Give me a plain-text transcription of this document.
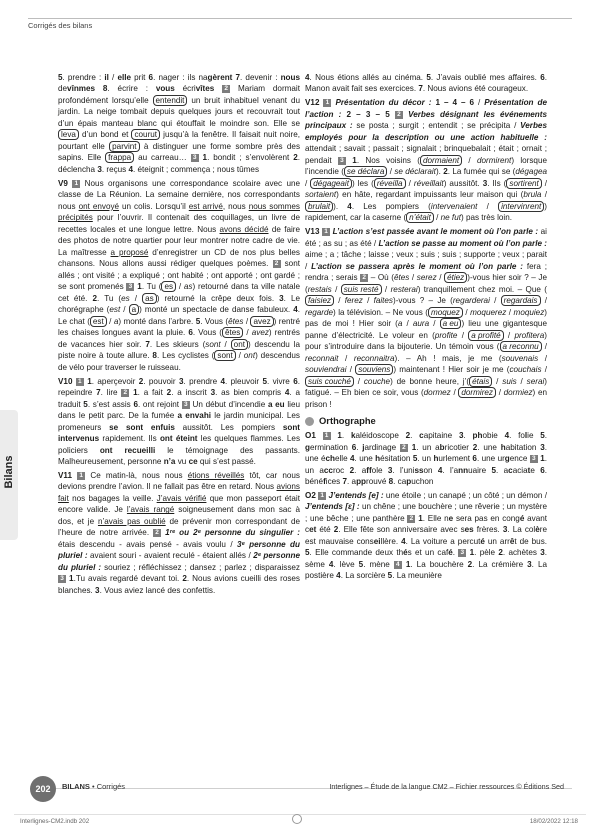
Corrigés des bilans
Bilans

5. prendre : il / elle prit 6. nager : ils nagèrent 7. devenir : nous devînmes 8. écrire : vous écrivîtes 2 Mariam dormait profondément lorsqu’elle entendit un bruit inhabituel venant du jardin. La neige tombait depuis quelques jours et recouvrait tout d’un épais manteau blanc qui étouffait le moindre son. Elle se leva d’un bond et courut jusqu’à la fenêtre. Il faisait nuit noire, pourtant elle parvint à distinguer une forme sombre près des sapins. Elle frappa au carreau… 3 1. bondit ; s’envolèrent 2. déclencha 3. reçus 4. éteignit ; commença ; nous tûmes

V9 1 Nous organisons une correspondance scolaire avec une classe de La Réunion. La semaine dernière, nos correspondants nous ont envoyé un colis. Lorsqu’il est arrivé, nous nous sommes précipités pour l’ouvrir. Il contenait des coquillages, un livre de recettes locales et une longue lettre. Nous avons décidé de faire des photos de notre quartier pour leur montrer notre cadre de vie. La maîtresse a proposé d’enregistrer un CD de nos plus belles chansons. Nous allons aussi rédiger quelques poèmes. 2 sont allés ; ont visité ; a expliqué ; ont habité ; ont apporté ; ont gardé ; se sont promenés 3 1. Tu ( es / as) retourné dans ta ville natale cet été. 2. Tu (es / as ) retourné la crêpe deux fois. 3. Le chorégraphe (est / a ) monté un spectacle de danse fabuleux. 4. Le chat ( est / a) monté dans l’arbre. 5. Vous (êtes / avez ) rentré les chaises longues avant la pluie. 6. Vous ( êtes / avez) rentrés de vacances hier soir. 7. Les skieurs (sont / ont ) descendu la piste noire à toute allure. 8. Les cyclistes ( sont / ont) descendus de vélo pour traverser le ruisseau.

V10 1 1. aperçevoir 2. pouvoir 3. prendre 4. pleuvoir 5. vivre 6. repeindre 7. lire 2 1. a fait 2. a inscrit 3. as bien compris 4. a traduit 5. s’est assis 6. ont rejoint 3 Un début d’incendie a eu lieu dans le petit parc. De la fumée a envahi le jardin municipal. Les promeneurs se sont enfuis aussitôt. Les pompiers sont intervenus rapidement. Ils ont éteint les quelques flammes. Les policiers ont recueilli le témoignage des passants. Malheureusement, personne n’a vu ce qui s’est passé.

V11 1 Ce matin-là, nous nous étions réveillés tôt, car nous devions prendre l’avion. Il ne fallait pas être en retard. Nous avions fait nos bagages la veille. J’avais vérifié que mon passeport était encore valide. Je l’avais rangé soigneusement dans mon sac à dos, et je n’avais pas oublié de prévenir mon correspondant de l’heure de notre arrivée. 2 1ʳᵉ ou 2ᵉ personne du singulier : étais descendu - avais pensé - avais voulu / 3ᵉ personne du pluriel : avaient souri - avaient reculé - étaient allés / 2ᵉ personne du pluriel : souriez ; réfléchissez ; dansez ; parlez ; disparaissez 3 1.Tu avais regardé devant toi. 2. Nous avions cueilli des roses blanches. 3. Vous aviez lancé des confettis.

4. Nous étions allés au cinéma. 5. J’avais oublié mes affaires. 6. Manon avait fait ses exercices. 7. Nous avions été courageux.

V12 1 Présentation du décor : 1 – 4 – 6 / Présentation de l’action : 2 – 3 – 5 2 Verbes désignant les événements principaux : se posta ; surgit ; entendit ; se précipita / Verbes employés pour la description ou une action habituelle : attendait ; savait ; passait ; signalait ; brinquebalait ; était ; ornait ; pendait 3 1. Nos voisins ( dormaient / dormirent) lorsque l’incendie ( se déclara / se déclarait). 2. La fumée qui se (dégagea / dégageait ) les ( réveilla / réveillait) aussitôt. 3. Ils ( sortirent / sortaient) en hâte, regardant impuissants leur maison qui (brula / brulait ). 4. Les pompiers (intervenaient / intervinrent ) rapidement, car la caserne ( n’était / ne fut) pas très loin.

V13 1 L’action s’est passée avant le moment où l’on parle : ai été ; as su ; as été / L’action se passe au moment où l’on parle : aime ; a ; tâche ; laisse ; veux ; suis ; suis ; supporte ; veux ; parait / L’action se passera après le moment où l’on parle : fera ; rendra ; serais 2 – Où (êtes / serez / étiez )-vous hier soir ? – Je (restais / suis resté / resterai) tranquillement chez moi. – Que (faisiez / ferez / faites)-vous ? – Je (regarderai / regardais / regarde) la télévision. – Ne vous ( moquez / moquerez / moquiez) pas de moi ! Hier soir (a / aura / a eu ) lieu une gigantesque panne d’électricité. Le voleur en (profite / a profité / profitera) pour s’introduire dans la bijouterie. Un témoin vous ( a reconnu / reconnait / reconnaitra). – Ah ! mais, je me (souvenais / souviendrai / souviens ) maintenant ! Hier soir je me (couchais / suis couché / couche) de bonne heure, j’( étais / suis / serai) fatigué. – Eh bien ce soir, vous (dormez / dormirez / dormiez) en prison !

Orthographe

O1 1 1. kaléidoscope 2. capitaine 3. phobie 4. folie 5. germination 6. jardinage 2 1. un abricotier 2. une habitation 3. une échelle 4. une hésitation 5. un hurlement 6. une urgence 3 1. un accroc 2. affole 3. l’unisson 4. l’annuaire 5. acaciate 6. bénéfices 7. approuvé 8. capuchon

O2 1 J’entends [e] : une étoile ; un canapé ; un côté ; un démon / J’entends [ɛ] : un chêne ; une bouchère ; une rêverie ; un mystère ; une bêche ; une panthère 2 1. Elle ne sera pas en congé avant cet été 2. Elle fête son anniversaire avec ses frères. 3. La colère est mauvaise conseillère. 4. La voiture a percuté un arrêt de bus. 5. Elle commande deux thés et un café. 3 1. pèle 2. achètes 3. sème 4. lève 5. mène 4 1. La bouchère 2. La crémière 3. La postière 4. La sorcière 5. La meunière

202	BILANS • Corrigés	Interlignes – Étude de la langue CM2 – Fichier ressources © Éditions Sed
Interlignes-CM2.indb 202	18/02/2022 12:18
